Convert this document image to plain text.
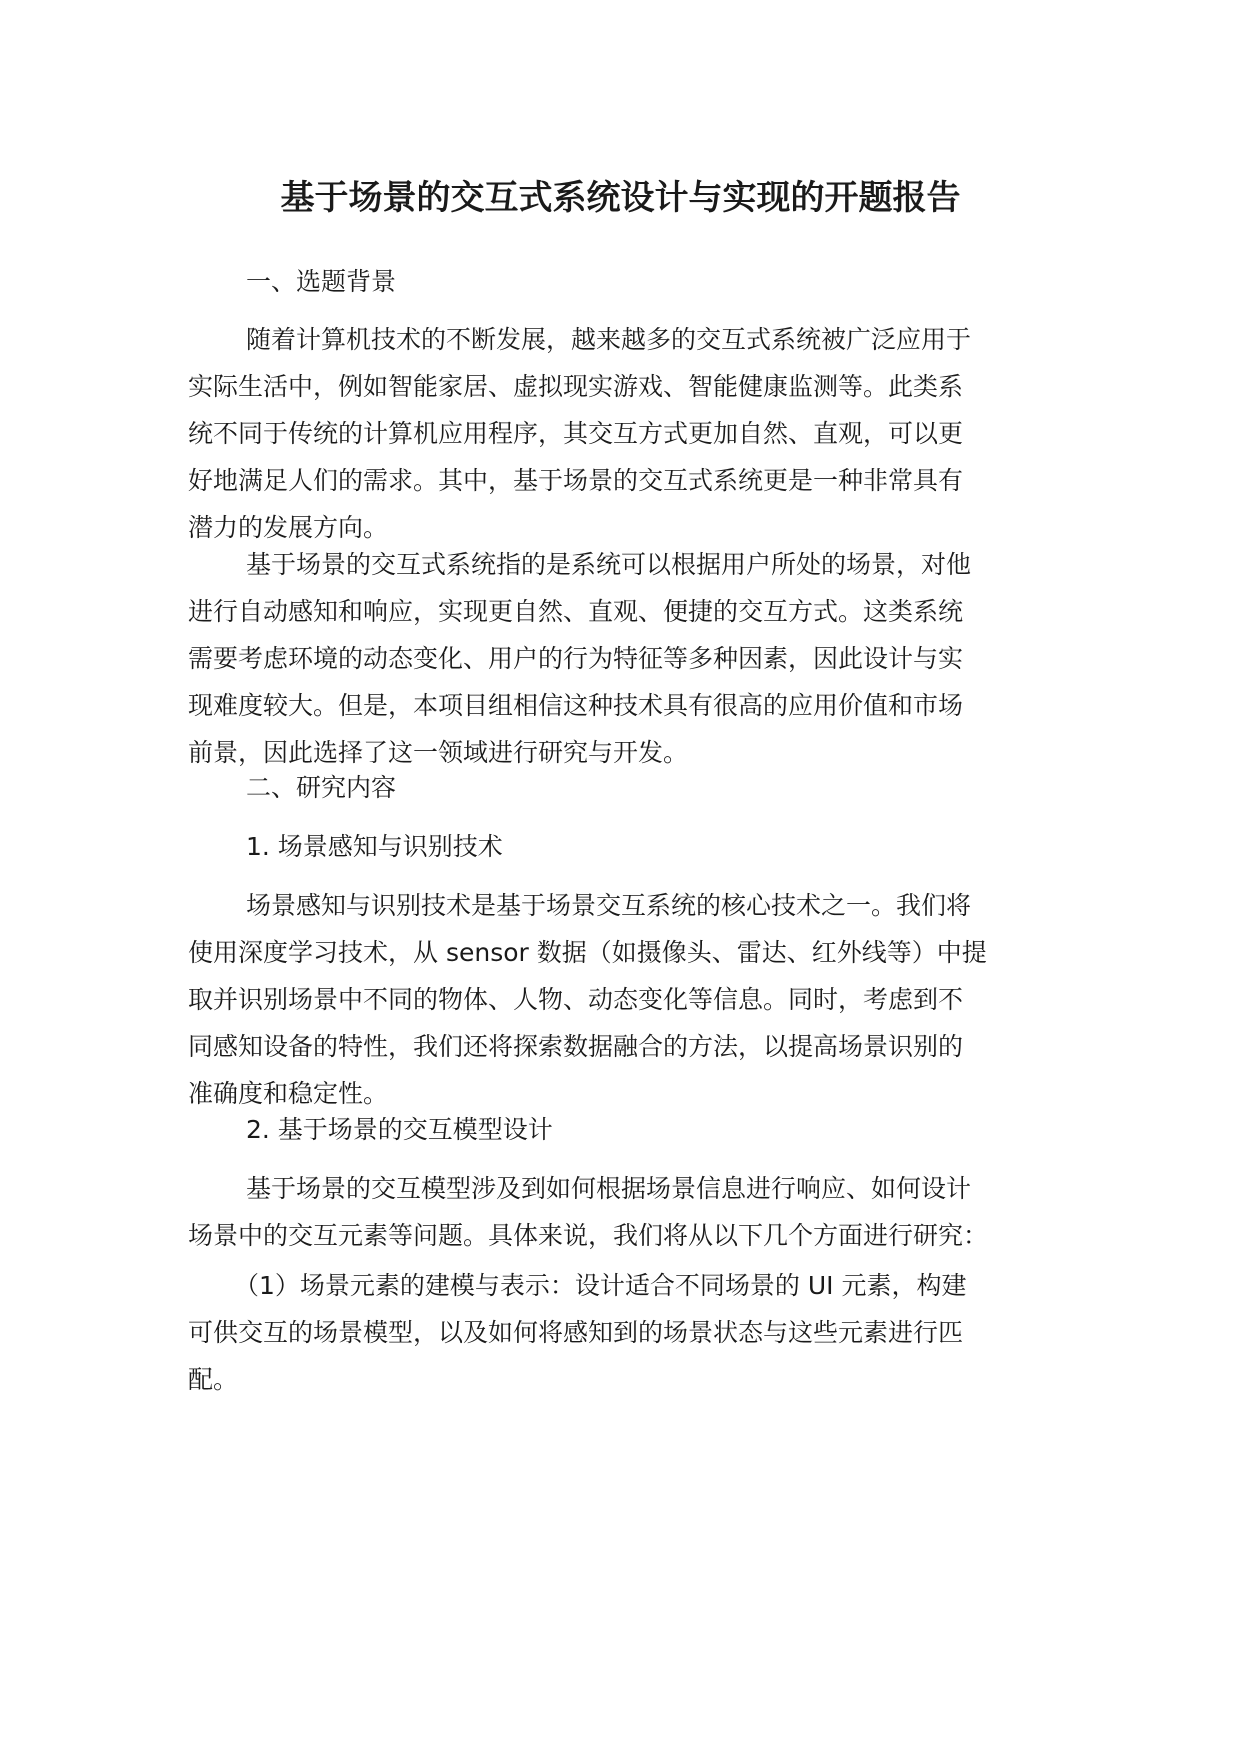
基于场景的交互式系统设计与实现的开题报告
一、选题背景
随着计算机技术的不断发展，越来越多的交互式系统被广泛应用于
实际生活中，例如智能家居、虚拟现实游戏、智能健康监测等。此类系
统不同于传统的计算机应用程序，其交互方式更加自然、直观，可以更
好地满足人们的需求。其中，基于场景的交互式系统更是一种非常具有
潜力的发展方向。
基于场景的交互式系统指的是系统可以根据用户所处的场景，对他
进行自动感知和响应，实现更自然、直观、便捷的交互方式。这类系统
需要考虑环境的动态变化、用户的行为特征等多种因素，因此设计与实
现难度较大。但是，本项目组相信这种技术具有很高的应用价值和市场
前景，因此选择了这一领域进行研究与开发。
二、研究内容
1. 场景感知与识别技术
场景感知与识别技术是基于场景交互系统的核心技术之一。我们将
使用深度学习技术，从 sensor 数据（如摄像头、雷达、红外线等）中提
取并识别场景中不同的物体、人物、动态变化等信息。同时，考虑到不
同感知设备的特性，我们还将探索数据融合的方法，以提高场景识别的
准确度和稳定性。
2. 基于场景的交互模型设计
基于场景的交互模型涉及到如何根据场景信息进行响应、如何设计
场景中的交互元素等问题。具体来说，我们将从以下几个方面进行研究：
（1）场景元素的建模与表示：设计适合不同场景的 UI 元素，构建
可供交互的场景模型，以及如何将感知到的场景状态与这些元素进行匹
配。
